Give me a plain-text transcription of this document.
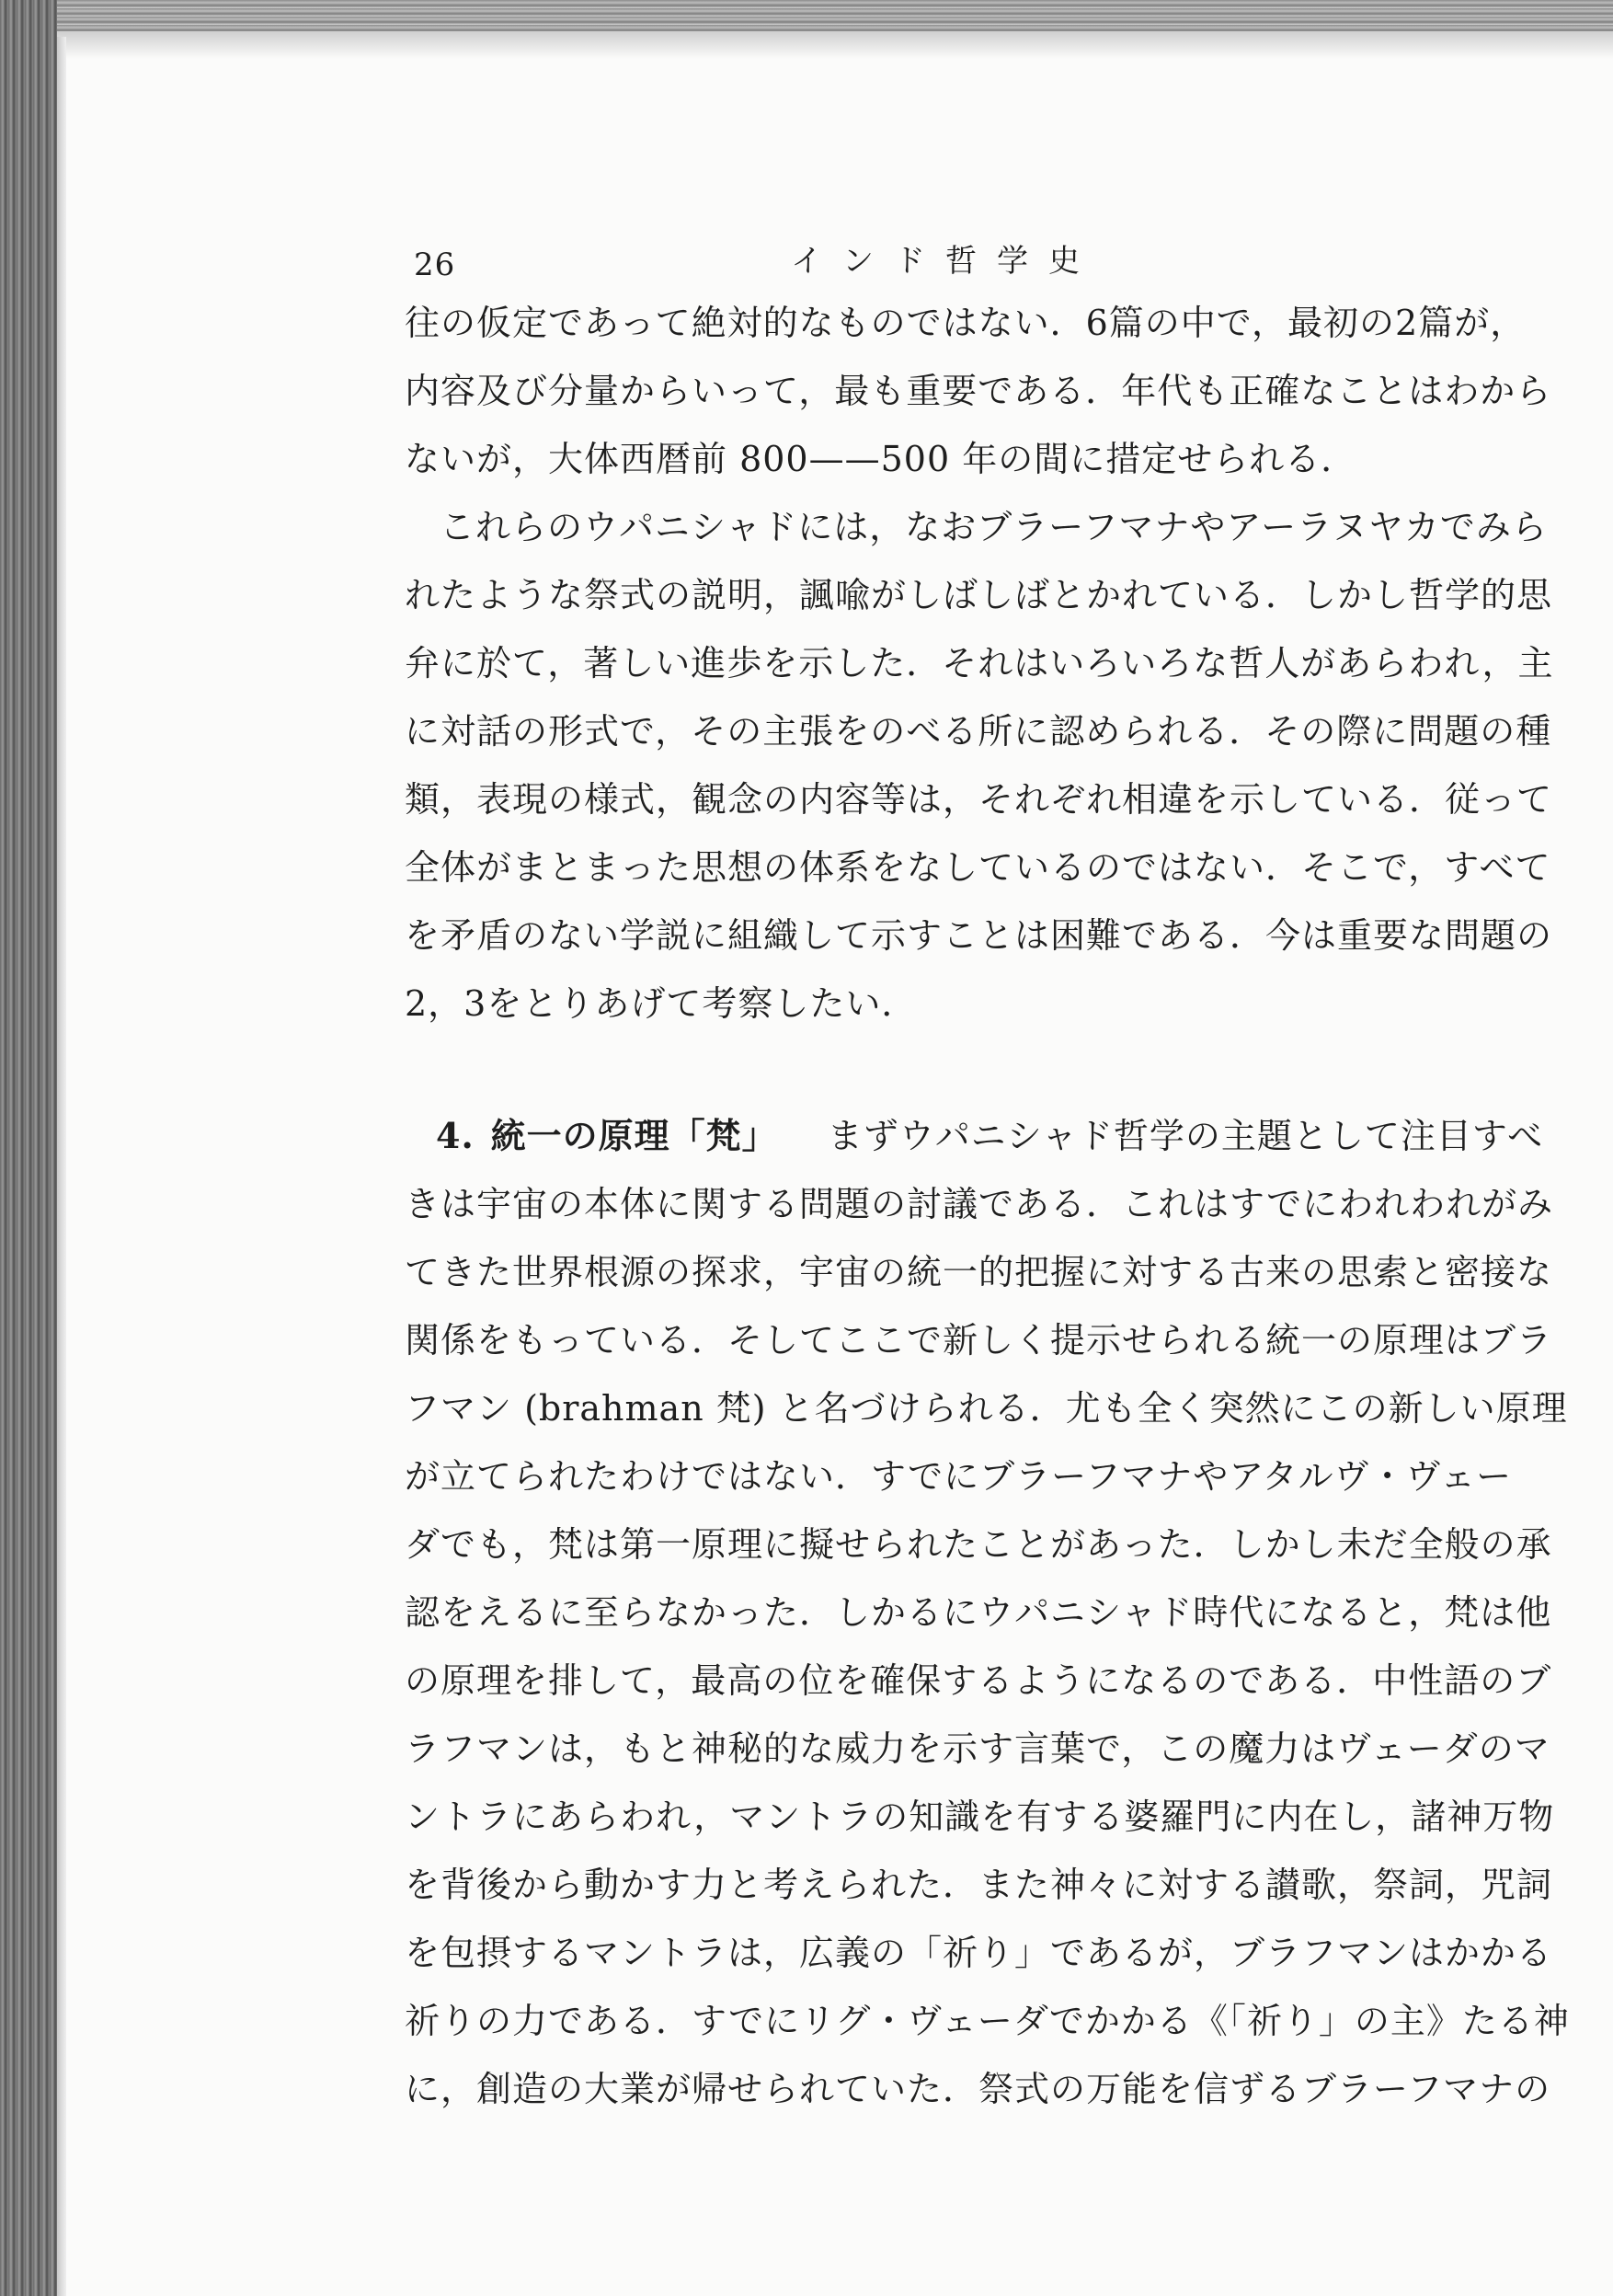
26	インド哲学史
往の仮定であって絶対的なものではない．6篇の中で，最初の2篇が，
内容及び分量からいって，最も重要である．年代も正確なことはわから
ないが，大体西暦前 800——500 年の間に措定せられる．
これらのウパニシャドには，なおブラーフマナやアーラヌヤカでみら
れたような祭式の説明，諷喩がしばしばとかれている．しかし哲学的思
弁に於て，著しい進歩を示した．それはいろいろな哲人があらわれ，主
に対話の形式で，その主張をのべる所に認められる．その際に問題の種
類，表現の様式，観念の内容等は，それぞれ相違を示している．従って
全体がまとまった思想の体系をなしているのではない．そこで，すべて
を矛盾のない学説に組織して示すことは困難である．今は重要な問題の
2，3をとりあげて考察したい．
4. 統一の原理「梵」 まずウパニシャド哲学の主題として注目すべ
きは宇宙の本体に関する問題の討議である．これはすでにわれわれがみ
てきた世界根源の探求，宇宙の統一的把握に対する古来の思索と密接な
関係をもっている．そしてここで新しく提示せられる統一の原理はブラ
フマン (brahman 梵) と名づけられる．尤も全く突然にこの新しい原理
が立てられたわけではない．すでにブラーフマナやアタルヴ・ヴェー
ダでも，梵は第一原理に擬せられたことがあった．しかし未だ全般の承
認をえるに至らなかった．しかるにウパニシャド時代になると，梵は他
の原理を排して，最高の位を確保するようになるのである．中性語のブ
ラフマンは，もと神秘的な威力を示す言葉で，この魔力はヴェーダのマ
ントラにあらわれ，マントラの知識を有する婆羅門に内在し，諸神万物
を背後から動かす力と考えられた．また神々に対する讃歌，祭詞，咒詞
を包摂するマントラは，広義の「祈り」であるが，ブラフマンはかかる
祈りの力である．すでにリグ・ヴェーダでかかる《「祈り」の主》たる神
に，創造の大業が帰せられていた．祭式の万能を信ずるブラーフマナの
